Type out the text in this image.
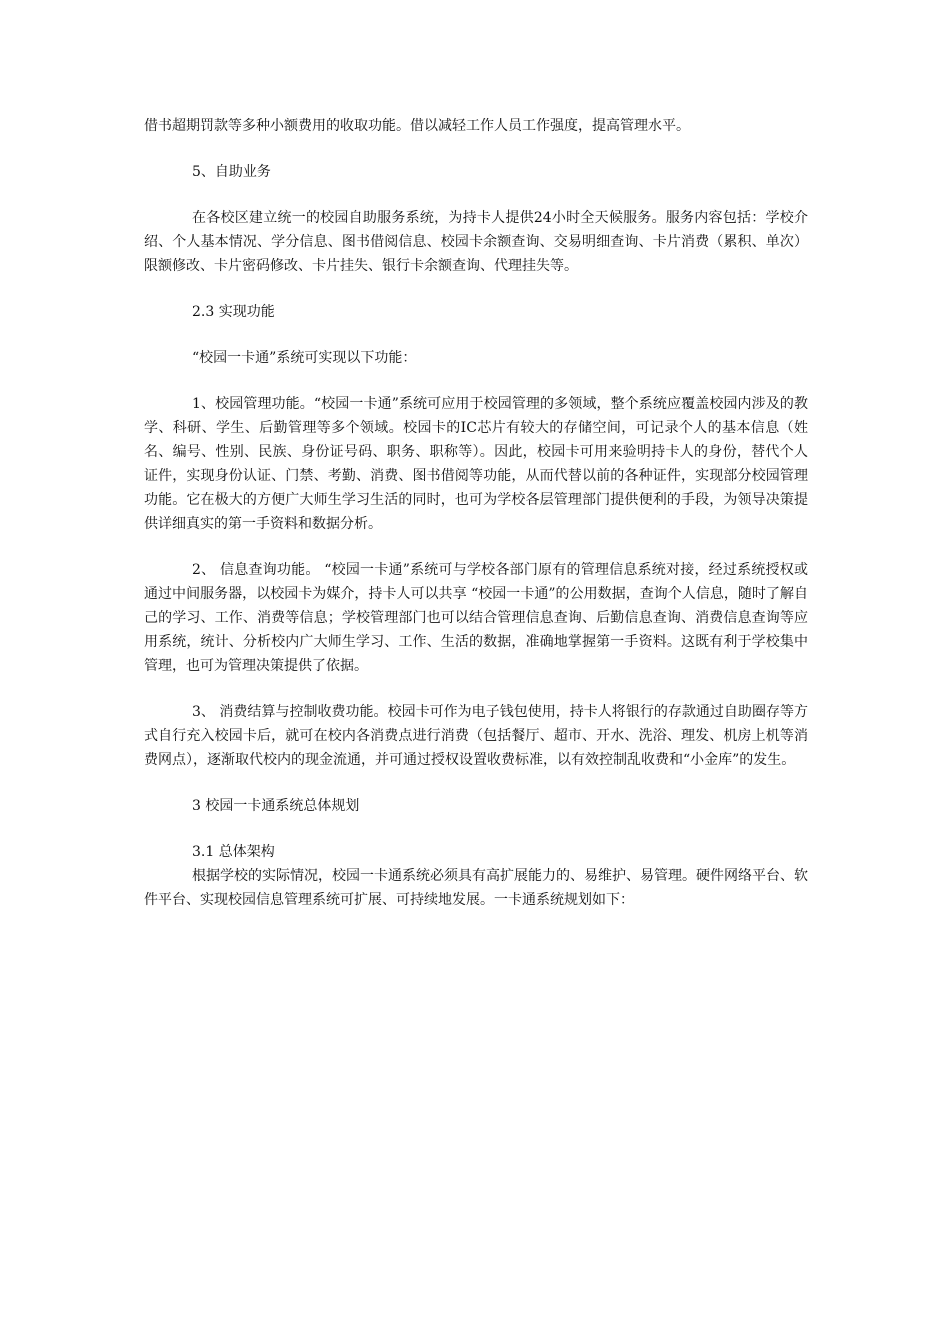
借书超期罚款等多种小额费用的收取功能。借以减轻工作人员工作强度，提高管理水平。

5、自助业务

在各校区建立统一的校园自助服务系统，为持卡人提供24小时全天候服务。服务内容包括：学校介绍、个人基本情况、学分信息、图书借阅信息、校园卡余额查询、交易明细查询、卡片消费（累积、单次）限额修改、卡片密码修改、卡片挂失、银行卡余额查询、代理挂失等。

2.3 实现功能

“校园一卡通”系统可实现以下功能：

1、校园管理功能。“校园一卡通”系统可应用于校园管理的多领域，整个系统应覆盖校园内涉及的教学、科研、学生、后勤管理等多个领域。校园卡的IC芯片有较大的存储空间，可记录个人的基本信息（姓名、编号、性别、民族、身份证号码、职务、职称等）。因此，校园卡可用来验明持卡人的身份，替代个人证件，实现身份认证、门禁、考勤、消费、图书借阅等功能，从而代替以前的各种证件，实现部分校园管理功能。它在极大的方便广大师生学习生活的同时，也可为学校各层管理部门提供便利的手段，为领导决策提供详细真实的第一手资料和数据分析。

2、 信息查询功能。 “校园一卡通”系统可与学校各部门原有的管理信息系统对接，经过系统授权或通过中间服务器，以校园卡为媒介，持卡人可以共享 “校园一卡通”的公用数据，查询个人信息，随时了解自己的学习、工作、消费等信息；学校管理部门也可以结合管理信息查询、后勤信息查询、消费信息查询等应用系统，统计、分析校内广大师生学习、工作、生活的数据，准确地掌握第一手资料。这既有利于学校集中管理，也可为管理决策提供了依据。

3、 消费结算与控制收费功能。校园卡可作为电子钱包使用，持卡人将银行的存款通过自助圈存等方式自行充入校园卡后，就可在校内各消费点进行消费（包括餐厅、超市、开水、洗浴、理发、机房上机等消费网点），逐渐取代校内的现金流通，并可通过授权设置收费标准，以有效控制乱收费和“小金库”的发生。

3 校园一卡通系统总体规划

3.1 总体架构

根据学校的实际情况，校园一卡通系统必须具有高扩展能力的、易维护、易管理。硬件网络平台、软件平台、实现校园信息管理系统可扩展、可持续地发展。一卡通系统规划如下：
